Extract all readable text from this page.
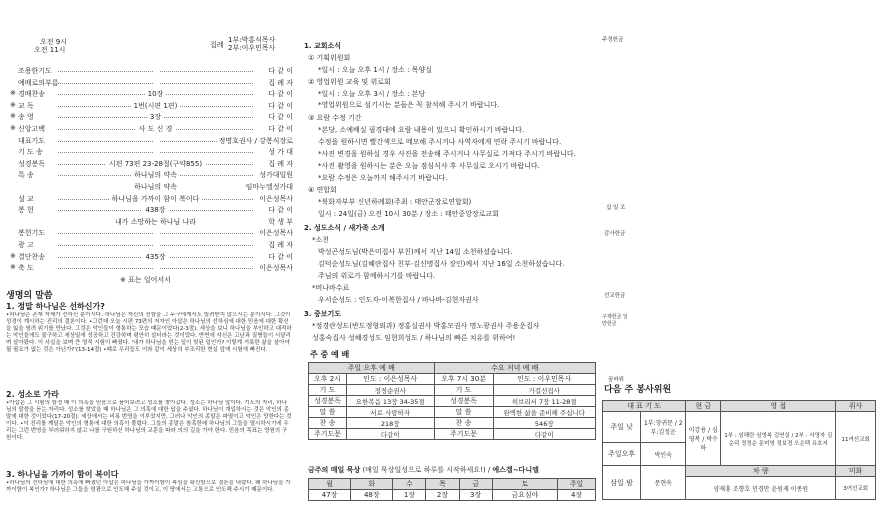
오전 9시
오전 11시
집례
1부:박홍식목사
2부:이우민목사
조용한기도	다 같 이
예배로의부름	집 례 자
경배찬송	10장	다 같 이
※
교 독	1번(시편 1편)	다 같 이
※
송 영	3장	다 같 이
※
신앙고백	사 도 신 경	다 같 이
※
대표기도	정명호권사 / 강봉식장로
기 도 송	성 가 대
성경봉독	시편 73편 23-28절(구약855)	집 례 자
특 송	하나님의 약속	성가대일원
하나님의 약속	임마누엘성가대
설 교	하나님을 가까이 함이 복이다	이은성목사
봉 헌	438장	다 같 이
내가 소망하는 하나님 나라	학 생 부
봉헌기도	이은성목사
광 고	집 례 자
결단찬송	435장	다 같 이
※
축 도	이은성목사
※
※ 표는 일어서서
생명의 말씀
1. 정말 하나님은 선하신가?
•하나님은 존재 자체가 선하신 분이시다. 하나님은 자신의 선함을 그 누구에게서도 빌려받지 않으시는 분이시다. 그것이 성경이 계시하는 진리의 결론이다. •그런데 오늘 시편 73편의 저자인 아삽은 하나님의 선하심에 대한 믿음에 대한 확신을 잃을 염려 위기를 만났다. 그것은 악인들이 형통하는 모습 때문이었다(2-3절). 세상을 보니 하나님을 부인하고 대적하는 악인들에도 불구하고 세상일에 성공하고 건강하며 평안히 살더라는 것이었다. 반면에 자신은 고난과 질병들이 시달리며 살아왔다. 이 사실을 보며 큰 영적 시험이 빠졌다. '내가 하나님을 믿는 일이 헛된 일인가? 이렇게 거룩한 삶을 살아야 될 필요가 없는 것은 아닌가?'(13-14절) •때로 우리들도 이와 같이 세상의 부조리한 현실 앞에 시험에 빠진다.
2. 성소로 가라
•아삽은 그 시험의 함정 때 이 의혹을 믿음으로 품어보려고 성소를 찾아갔다. 성소는 하나님 앞이다. 기도의 자리, 하나님의 말씀을 듣는 자리다. 성소를 찾았을 때 하나님은 그 의혹에 대한 답을 주셨다. 하나님이 개입하시는 것은 악인의 종말에 대한 것이었다(17-20절). 세상에서는 비록 번영을 이루었지만, 그러나 악인의 종말은 파멸이고 악인은 망한다는 것이다. •이 진리를 깨달은 악인의 형통에 대한 의혹이 풀렸다. 그들의 종말은 참혹한데 하나님의 그들을 멸시하시기에 우리는 그런 번영을 부러워하지 않고 나를 구원하신 하나님의 교훈을 따라 의의 길을 가야 한다. 믿음의 목표는 영원의 구원이다.
3. 하나님을 가까이 함이 복이다
•하나님의 선하심에 대한 의혹에 빠졌던 아삽은 하나님을 가까이함이 복임을 확신함으로 결론을 내렸다. 왜 하나님을 가까이함이 복인가? 하나님은 그들을 영광으로 인도해 주실 것이고, 이 땅에서는 고통으로 인도해 주시기 때문이다.
1. 교회소식
① 기획위원회
*일시 : 오늘 오후 1시 / 장소 : 목양실
② 영업위원 교육 및 위로회
*일시 : 오늘 오후 3시 / 장소 : 본당
*영업위원으로 섬기시는 분들은 꼭 참석해 주시기 바랍니다.
③ 요람 수정 기간
*본당, 소예배실 필경대에 요람 내용이 있으니 확인하시기 바랍니다.
수정을 원하시면 빨간색으로 메모해 주시거나 사역자에게 연락 주시기 바랍니다.
*사진 변경을 원하실 경우 사진을 전송해 주시거나 사무실로 가져다 주시기 바랍니다.
*사진 촬영을 원하시는 분은 오늘 점심식사 후 사무실로 오시기 바랍니다.
*요람 수정은 오늘까지 해주시기 바랍니다.
④ 연합회
*북화자부부 신년하례회(주최 : 태안군장로연합회)
일시 : 24일(금) 오전 10시 30분 / 장소 : 태안중앙장로교회
2. 성도소식 / 새가족 소개
*소천
박성곤성도님(박은미집사 부친)께서 지난 14일 소천하셨습니다.
김덕순성도님(김혜란집사 친부·김신명집사 장인)께서 지난 16일 소천하셨습니다.
주님의 위로가 함께하시기를 바랍니다.
*버나바수료
우서순성도 : 인도자-이복한집사 / 바나바-김현자권사
3. 중보기도
*정경란성도(반도정형외과) 정홍실권사 박홍모권사 명노광권사 주용운집사
성홍숙집사 성혜경성도 임현희성도 / 하나님의 빠른 치유를 위하여!
주 중 예 배
주일 오후 예 배		수요 저녁 예 배	
오후 2시	인도 : 이은성목사	오후 7시 30분	인도 : 이우민목사
기 도	정정순권사	기 도	가걸선집사
성경봉독	요한복음 13장 34-35절	성경봉독	히브리서 7장 11-28절
말 씀	서로 사랑하자	말 씀	완벽한 삶을 준비해 주십니다
찬 송	218장	찬 송	546장
주기도문	다같이	주기도문	다같이
금주의 매일 묵상 (매일 묵상일성으로 하루를 시작하세요!) / 에스겔~다니엘
월	화	수	목	금	토	주일
47장	48장	1장	2장	3장	금요심야	4장
주정헌금
십 일 조
감사헌금
선교헌금
구제헌금 일반헌금
꿈바위
다음 주 봉사위원
대 표 기 도		현 금	영 접	취사
주일 낮	1부:장귀문 / 2부:김정운	이강용 / 심영복 / 박수하	1부 : 임해란 심영복 김연실 / 2부 : 서영자 김순덕 정정순 문미영 정보경 오은택 유호저	11여선교회
주일오후	박인숙			
삼일 밤	문현옥	차 량		미화
		양재홍 조향호 민경만 윤원재 이종원		3여선교회
